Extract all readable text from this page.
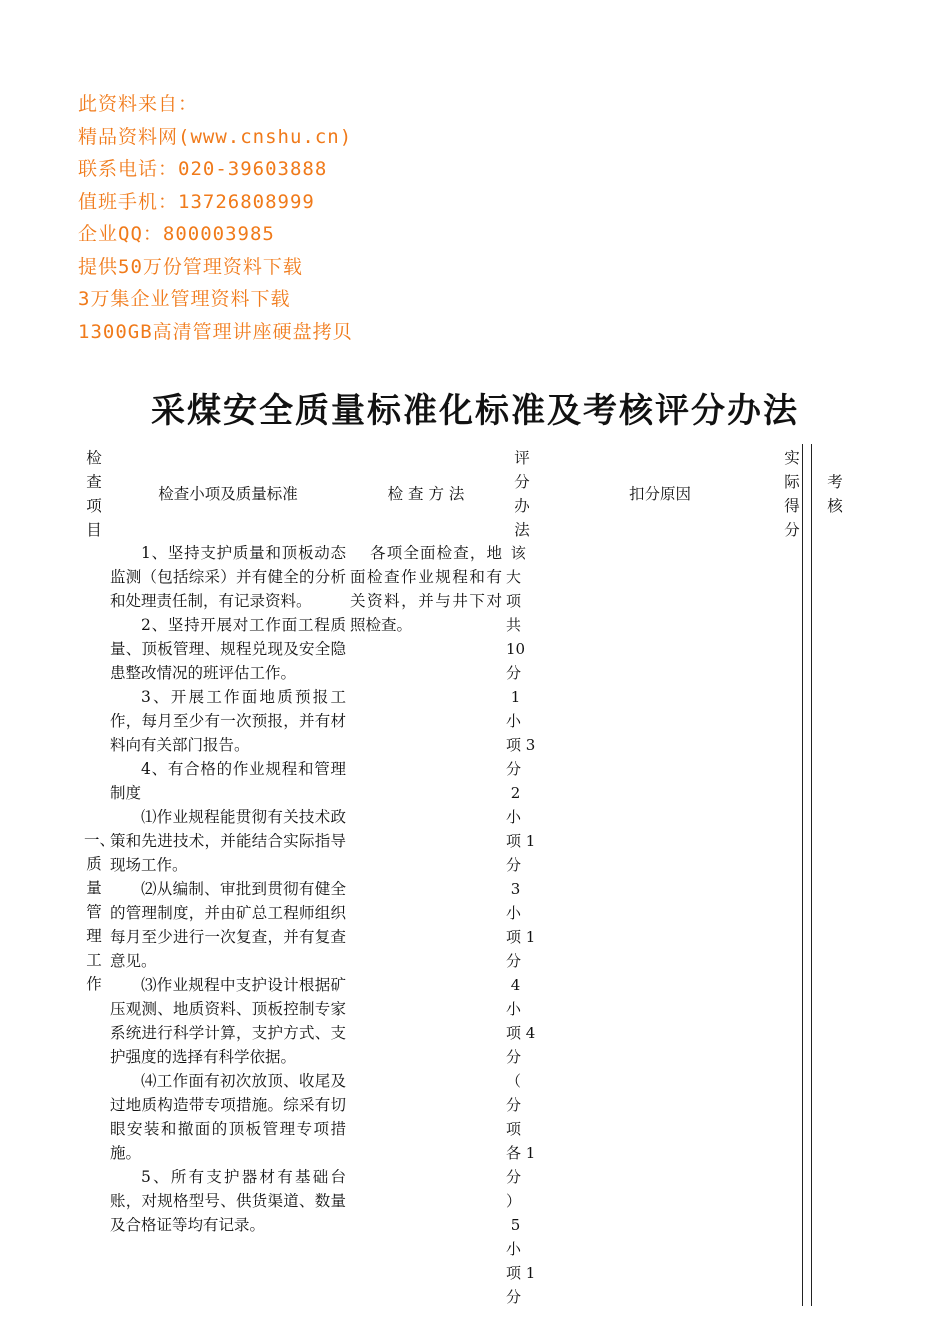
此资料来自：
精品资料网(www.cnshu.cn)
联系电话：020-39603888
值班手机：13726808999
企业QQ：800003985
提供50万份管理资料下载
3万集企业管理资料下载
1300GB高清管理讲座硬盘拷贝
采煤安全质量标准化标准及考核评分办法
检查项目
检查小项及质量标准	检 查 方 法
评分办法
扣分原因
实际得分
考核
一、质量管理工作

1、坚持支护质量和顶板动态监测（包括综采）并有健全的分析和处理责任制，有记录资料。

2、坚持开展对工作面工程质量、顶板管理、规程兑现及安全隐患整改情况的班评估工作。

3、开展工作面地质预报工作，每月至少有一次预报，并有材料向有关部门报告。

4、有合格的作业规程和管理制度

⑴作业规程能贯彻有关技术政策和先进技术，并能结合实际指导现场工作。

⑵从编制、审批到贯彻有健全的管理制度，并由矿总工程师组织每月至少进行一次复查，并有复查意见。

⑶作业规程中支护设计根据矿压观测、地质资料、顶板控制专家系统进行科学计算，支护方式、支护强度的选择有科学依据。

⑷工作面有初次放顶、收尾及过地质构造带专项措施。综采有切眼安装和撤面的顶板管理专项措施。

5、所有支护器材有基础台账，对规格型号、供货渠道、数量及合格证等均有记录。

各项全面检查，地面检查作业规程和有关资料，并与井下对照检查。
该
大
项
共
10
分
1
小
项 3
分
2
小
项 1
分
3
小
项 1
分
4
小
项 4
分
（
分
项
各 1
分
）
5
小
项 1
分
